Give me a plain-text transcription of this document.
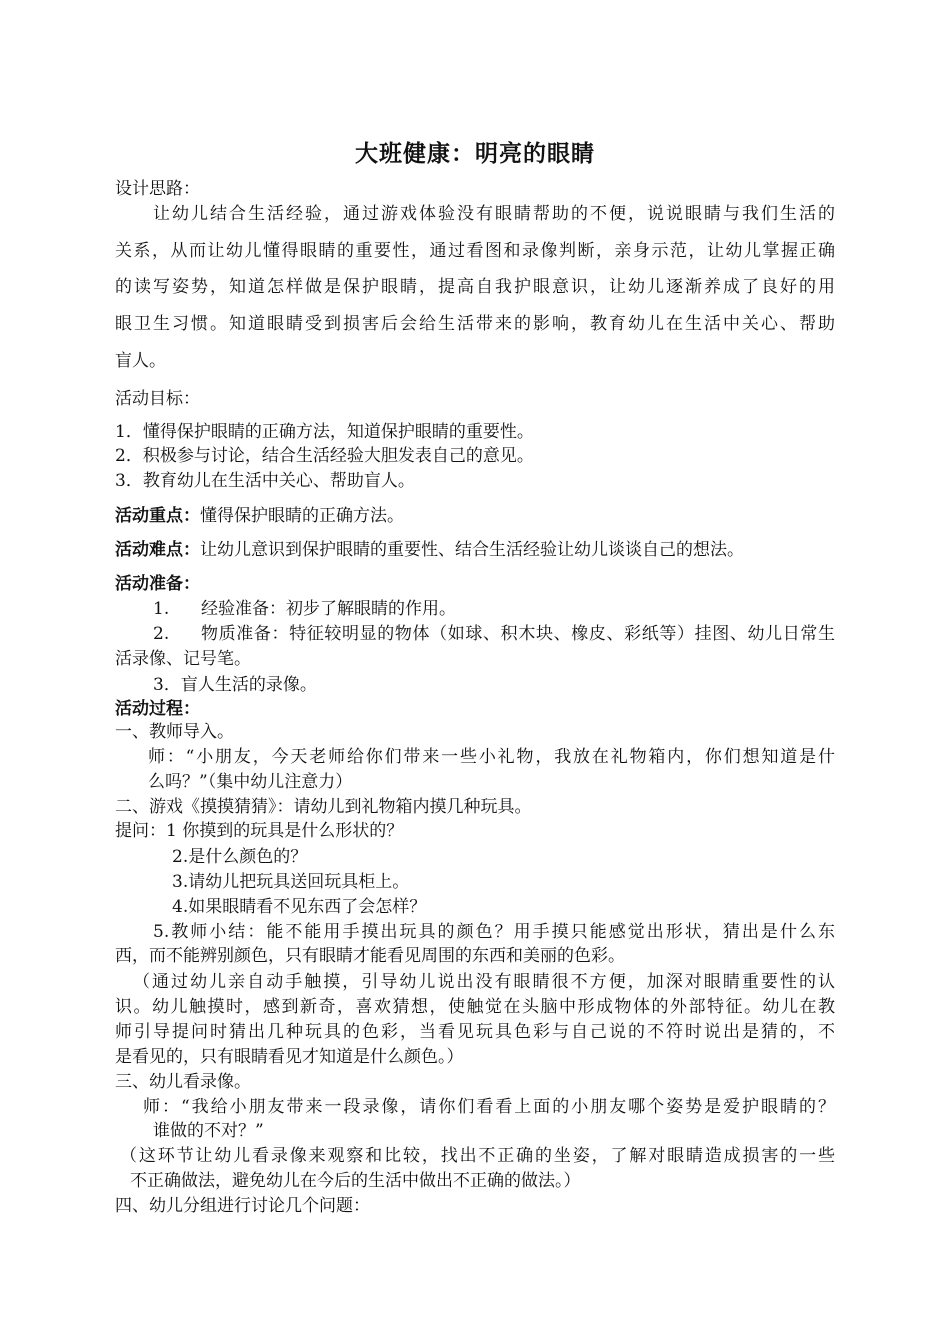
大班健康：明亮的眼睛
设计思路：
让幼儿结合生活经验，通过游戏体验没有眼睛帮助的不便，说说眼睛与我们生活的
关系，从而让幼儿懂得眼睛的重要性，通过看图和录像判断，亲身示范，让幼儿掌握正确
的读写姿势，知道怎样做是保护眼睛，提高自我护眼意识，让幼儿逐渐养成了良好的用
眼卫生习惯。知道眼睛受到损害后会给生活带来的影响，教育幼儿在生活中关心、帮助
盲人。
活动目标：
1．懂得保护眼睛的正确方法，知道保护眼睛的重要性。
2．积极参与讨论，结合生活经验大胆发表自己的意见。
3．教育幼儿在生活中关心、帮助盲人。
活动重点：懂得保护眼睛的正确方法。
活动难点：让幼儿意识到保护眼睛的重要性、结合生活经验让幼儿谈谈自己的想法。
活动准备：
1. 经验准备：初步了解眼睛的作用。
2. 物质准备：特征较明显的物体（如球、积木块、橡皮、彩纸等）挂图、幼儿日常生
活录像、记号笔。
3．盲人生活的录像。
活动过程：
一、教师导入。
师：“小朋友，今天老师给你们带来一些小礼物，我放在礼物箱内，你们想知道是什
么吗？”（集中幼儿注意力）
二、游戏《摸摸猜猜》：请幼儿到礼物箱内摸几种玩具。
提问：1 你摸到的玩具是什么形状的？
2.是什么颜色的？
3.请幼儿把玩具送回玩具柜上。
4.如果眼睛看不见东西了会怎样？
5.教师小结：能不能用手摸出玩具的颜色？用手摸只能感觉出形状，猜出是什么东
西，而不能辨别颜色，只有眼睛才能看见周围的东西和美丽的色彩。
（通过幼儿亲自动手触摸，引导幼儿说出没有眼睛很不方便，加深对眼睛重要性的认
识。幼儿触摸时，感到新奇，喜欢猜想，使触觉在头脑中形成物体的外部特征。幼儿在教
师引导提问时猜出几种玩具的色彩，当看见玩具色彩与自己说的不符时说出是猜的，不
是看见的，只有眼睛看见才知道是什么颜色。）
三、幼儿看录像。
师：“我给小朋友带来一段录像，请你们看看上面的小朋友哪个姿势是爱护眼睛的？
谁做的不对？”
（这环节让幼儿看录像来观察和比较，找出不正确的坐姿，了解对眼睛造成损害的一些
不正确做法，避免幼儿在今后的生活中做出不正确的做法。）
四、幼儿分组进行讨论几个问题：
